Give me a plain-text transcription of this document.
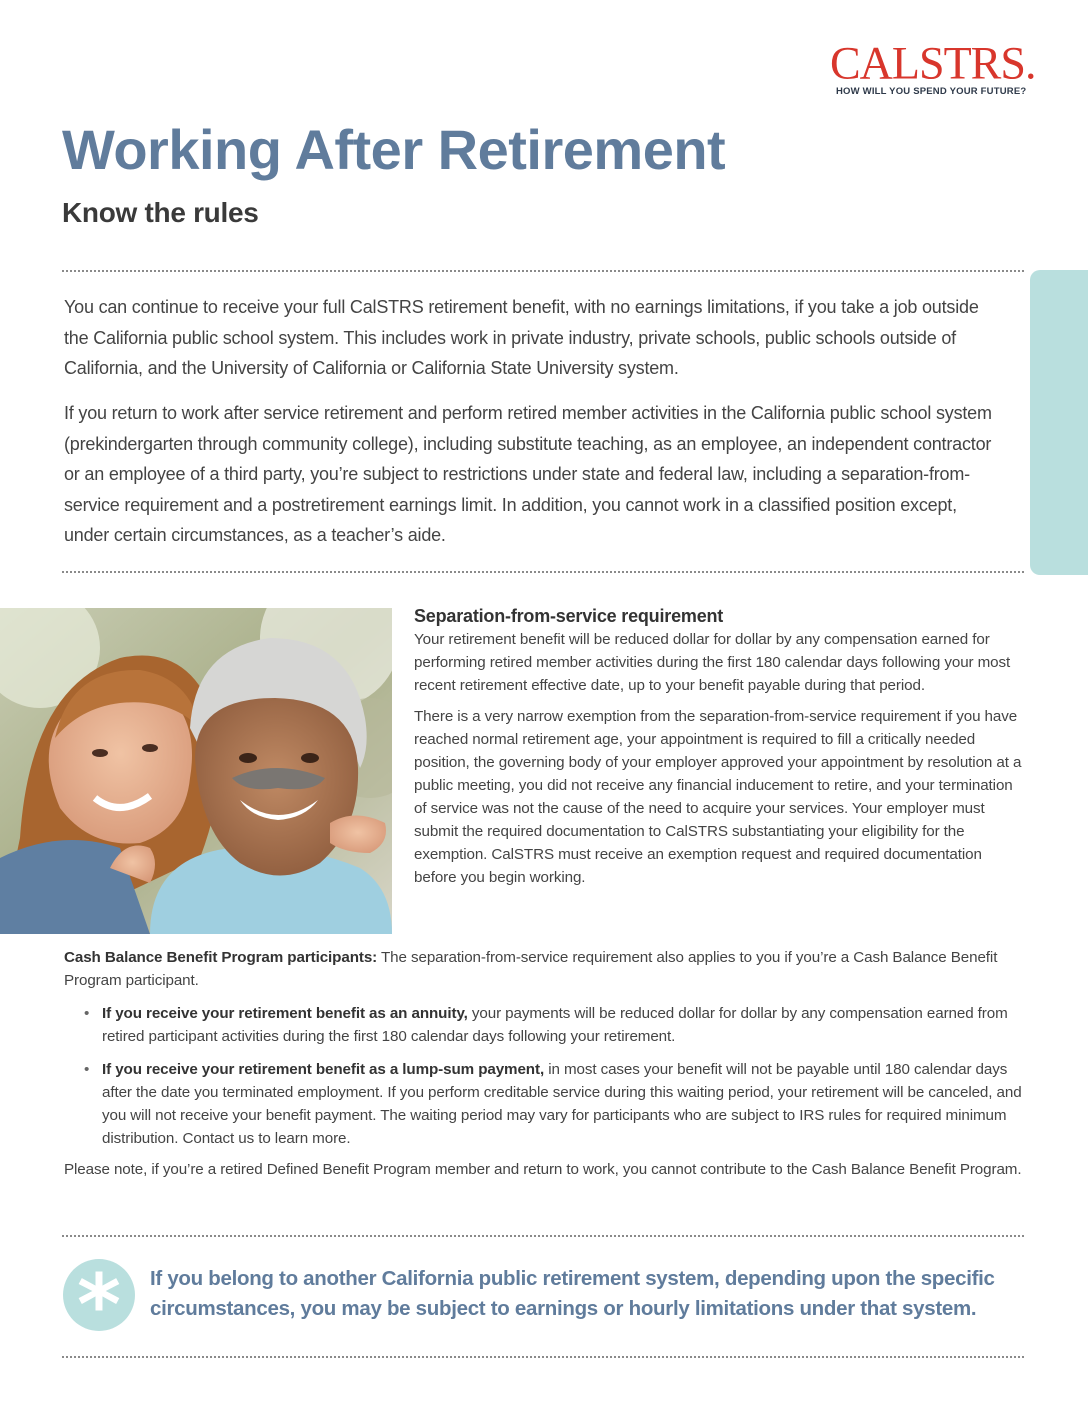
CALSTRS.
HOW WILL YOU SPEND YOUR FUTURE?
Working After Retirement
Know the rules

You can continue to receive your full CalSTRS retirement benefit, with no earnings limitations, if you take a job outside the California public school system. This includes work in private industry, private schools, public schools outside of California, and the University of California or California State University system.

If you return to work after service retirement and perform retired member activities in the California public school system (prekindergarten through community college), including substitute teaching, as an employee, an independent contractor or an employee of a third party, you’re subject to restrictions under state and federal law, including a separation-from-service requirement and a postretirement earnings limit. In addition, you cannot work in a classified position except, under certain circumstances, as a teacher’s aide.

Separation-from-service requirement

Your retirement benefit will be reduced dollar for dollar by any compensation earned for performing retired member activities during the first 180 calendar days following your most recent retirement effective date, up to your benefit payable during that period.

There is a very narrow exemption from the separation-from-service requirement if you have reached normal retirement age, your appointment is required to fill a critically needed position, the governing body of your employer approved your appointment by resolution at a public meeting, you did not receive any financial inducement to retire, and your termination of service was not the cause of the need to acquire your services. Your employer must submit the required documentation to CalSTRS substantiating your eligibility for the exemption. CalSTRS must receive an exemption request and required documentation before you begin working.

Cash Balance Benefit Program participants: The separation-from-service requirement also applies to you if you’re a Cash Balance Benefit Program participant.
• If you receive your retirement benefit as an annuity, your payments will be reduced dollar for dollar by any compensation earned from retired participant activities during the first 180 calendar days following your retirement.
• If you receive your retirement benefit as a lump-sum payment, in most cases your benefit will not be payable until 180 calendar days after the date you terminated employment. If you perform creditable service during this waiting period, your retirement will be canceled, and you will not receive your benefit payment. The waiting period may vary for participants who are subject to IRS rules for required minimum distribution. Contact us to learn more.
Please note, if you’re a retired Defined Benefit Program member and return to work, you cannot contribute to the Cash Balance Benefit Program.
*	If you belong to another California public retirement system, depending upon the specific circumstances, you may be subject to earnings or hourly limitations under that system.
